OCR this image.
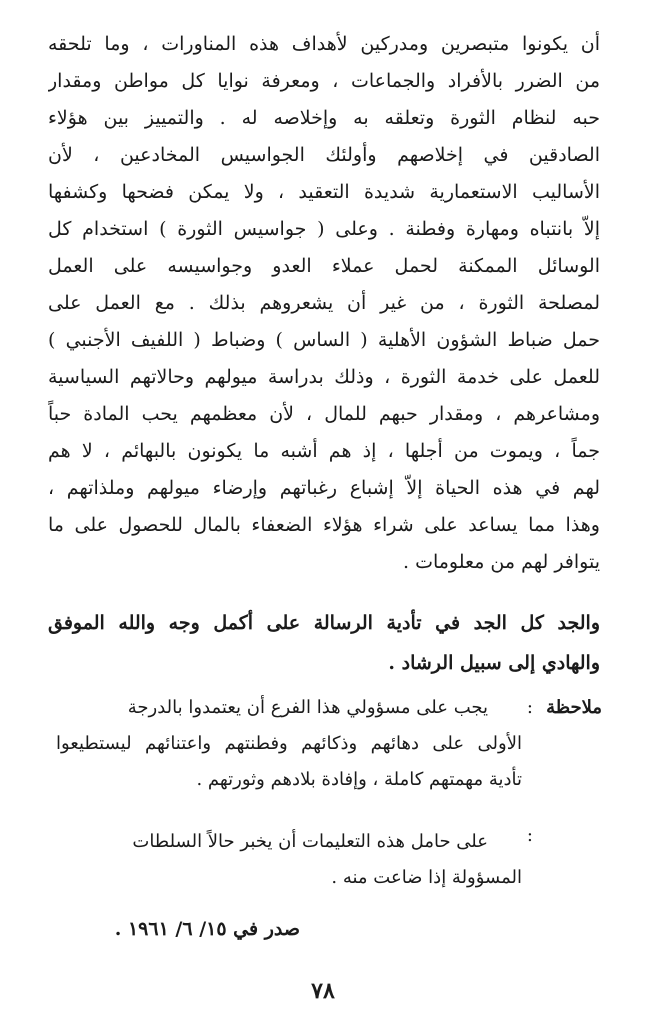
أن يكونوا متبصرين ومدركين لأهداف هذه المناورات ، وما تلحقه
من الضرر بالأفراد والجماعات ، ومعرفة نوايا كل مواطن ومقدار
حبه لنظام الثورة وتعلقه به وإخلاصه له . والتمييز بين هؤلاء
الصادقين في إخلاصهم وأولئك الجواسيس المخادعين ، لأن
الأساليب الاستعمارية شديدة التعقيد ، ولا يمكن فضحها وكشفها
إلاّ بانتباه ومهارة وفطنة . وعلى ( جواسيس الثورة ) استخدام كل
الوسائل الممكنة لحمل عملاء العدو وجواسيسه على العمل
لمصلحة الثورة ، من غير أن يشعروهم بذلك . مع العمل على
حمل ضباط الشؤون الأهلية ( الساس ) وضباط ( اللفيف الأجنبي )
للعمل على خدمة الثورة ، وذلك بدراسة ميولهم وحالاتهم السياسية
ومشاعرهم ، ومقدار حبهم للمال ، لأن معظمهم يحب المادة حباً
جماً ، ويموت من أجلها ، إذ هم أشبه ما يكونون بالبهائم ، لا هم
لهم في هذه الحياة إلاّ إشباع رغباتهم وإرضاء ميولهم وملذاتهم ،
وهذا مما يساعد على شراء هؤلاء الضعفاء بالمال للحصول على ما
يتوافر لهم من معلومات .
والجد كل الجد في تأدية الرسالة على أكمل وجه والله الموفق
والهادي إلى سبيل الرشاد .
ملاحظة
:
يجب على مسؤولي هذا الفرع أن يعتمدوا بالدرجة
الأولى على دهائهم وذكائهم وفطنتهم واعتنائهم ليستطيعوا
تأدية مهمتهم كاملة ، وإفادة بلادهم وثورتهم .
:
على حامل هذه التعليمات أن يخبر حالاً السلطات
المسؤولة إذا ضاعت منه .
صدر في ١٥/ ٦/ ١٩٦١ .
٧٨
